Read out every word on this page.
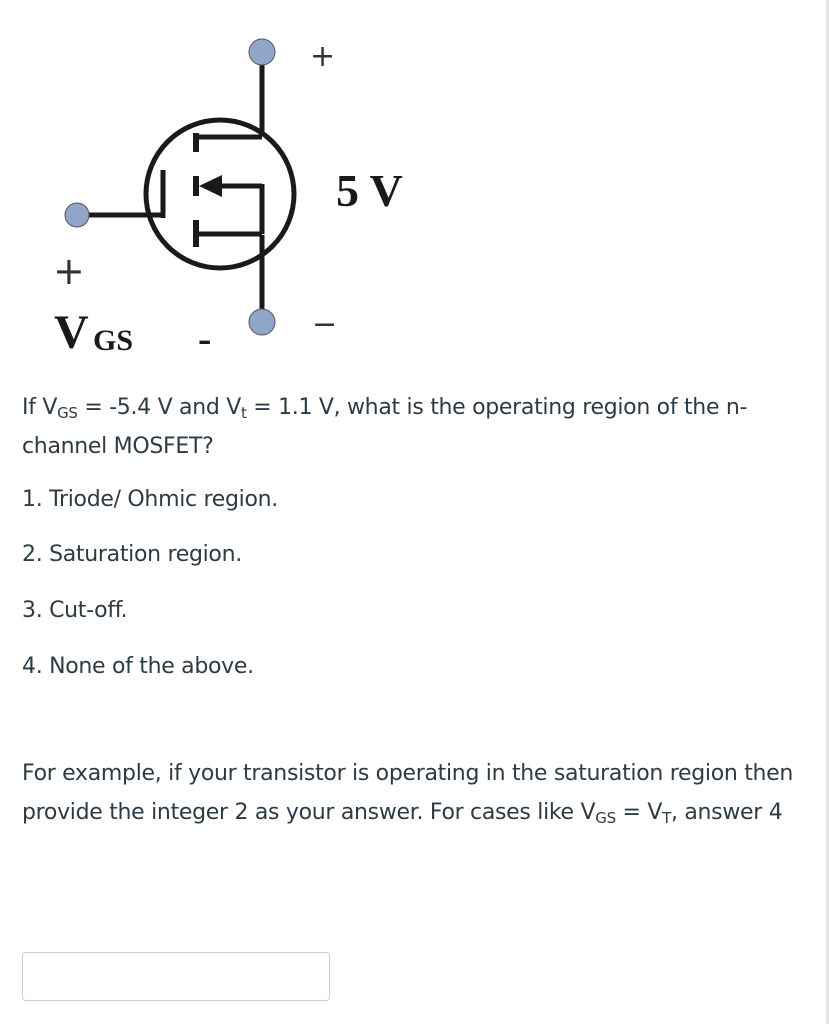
+
−
5 V
+
V GS -

If $V_{GS} = -5.4$ V and $V_t = 1.1$ V, what is the operating region of the n-channel MOSFET?

1. Triode/ Ohmic region.
2. Saturation region.
3. Cut-off.
4. None of the above.

For example, if your transistor is operating in the saturation region then provide the integer 2 as your answer. For cases like $V_{GS} = V_T$, answer 4
